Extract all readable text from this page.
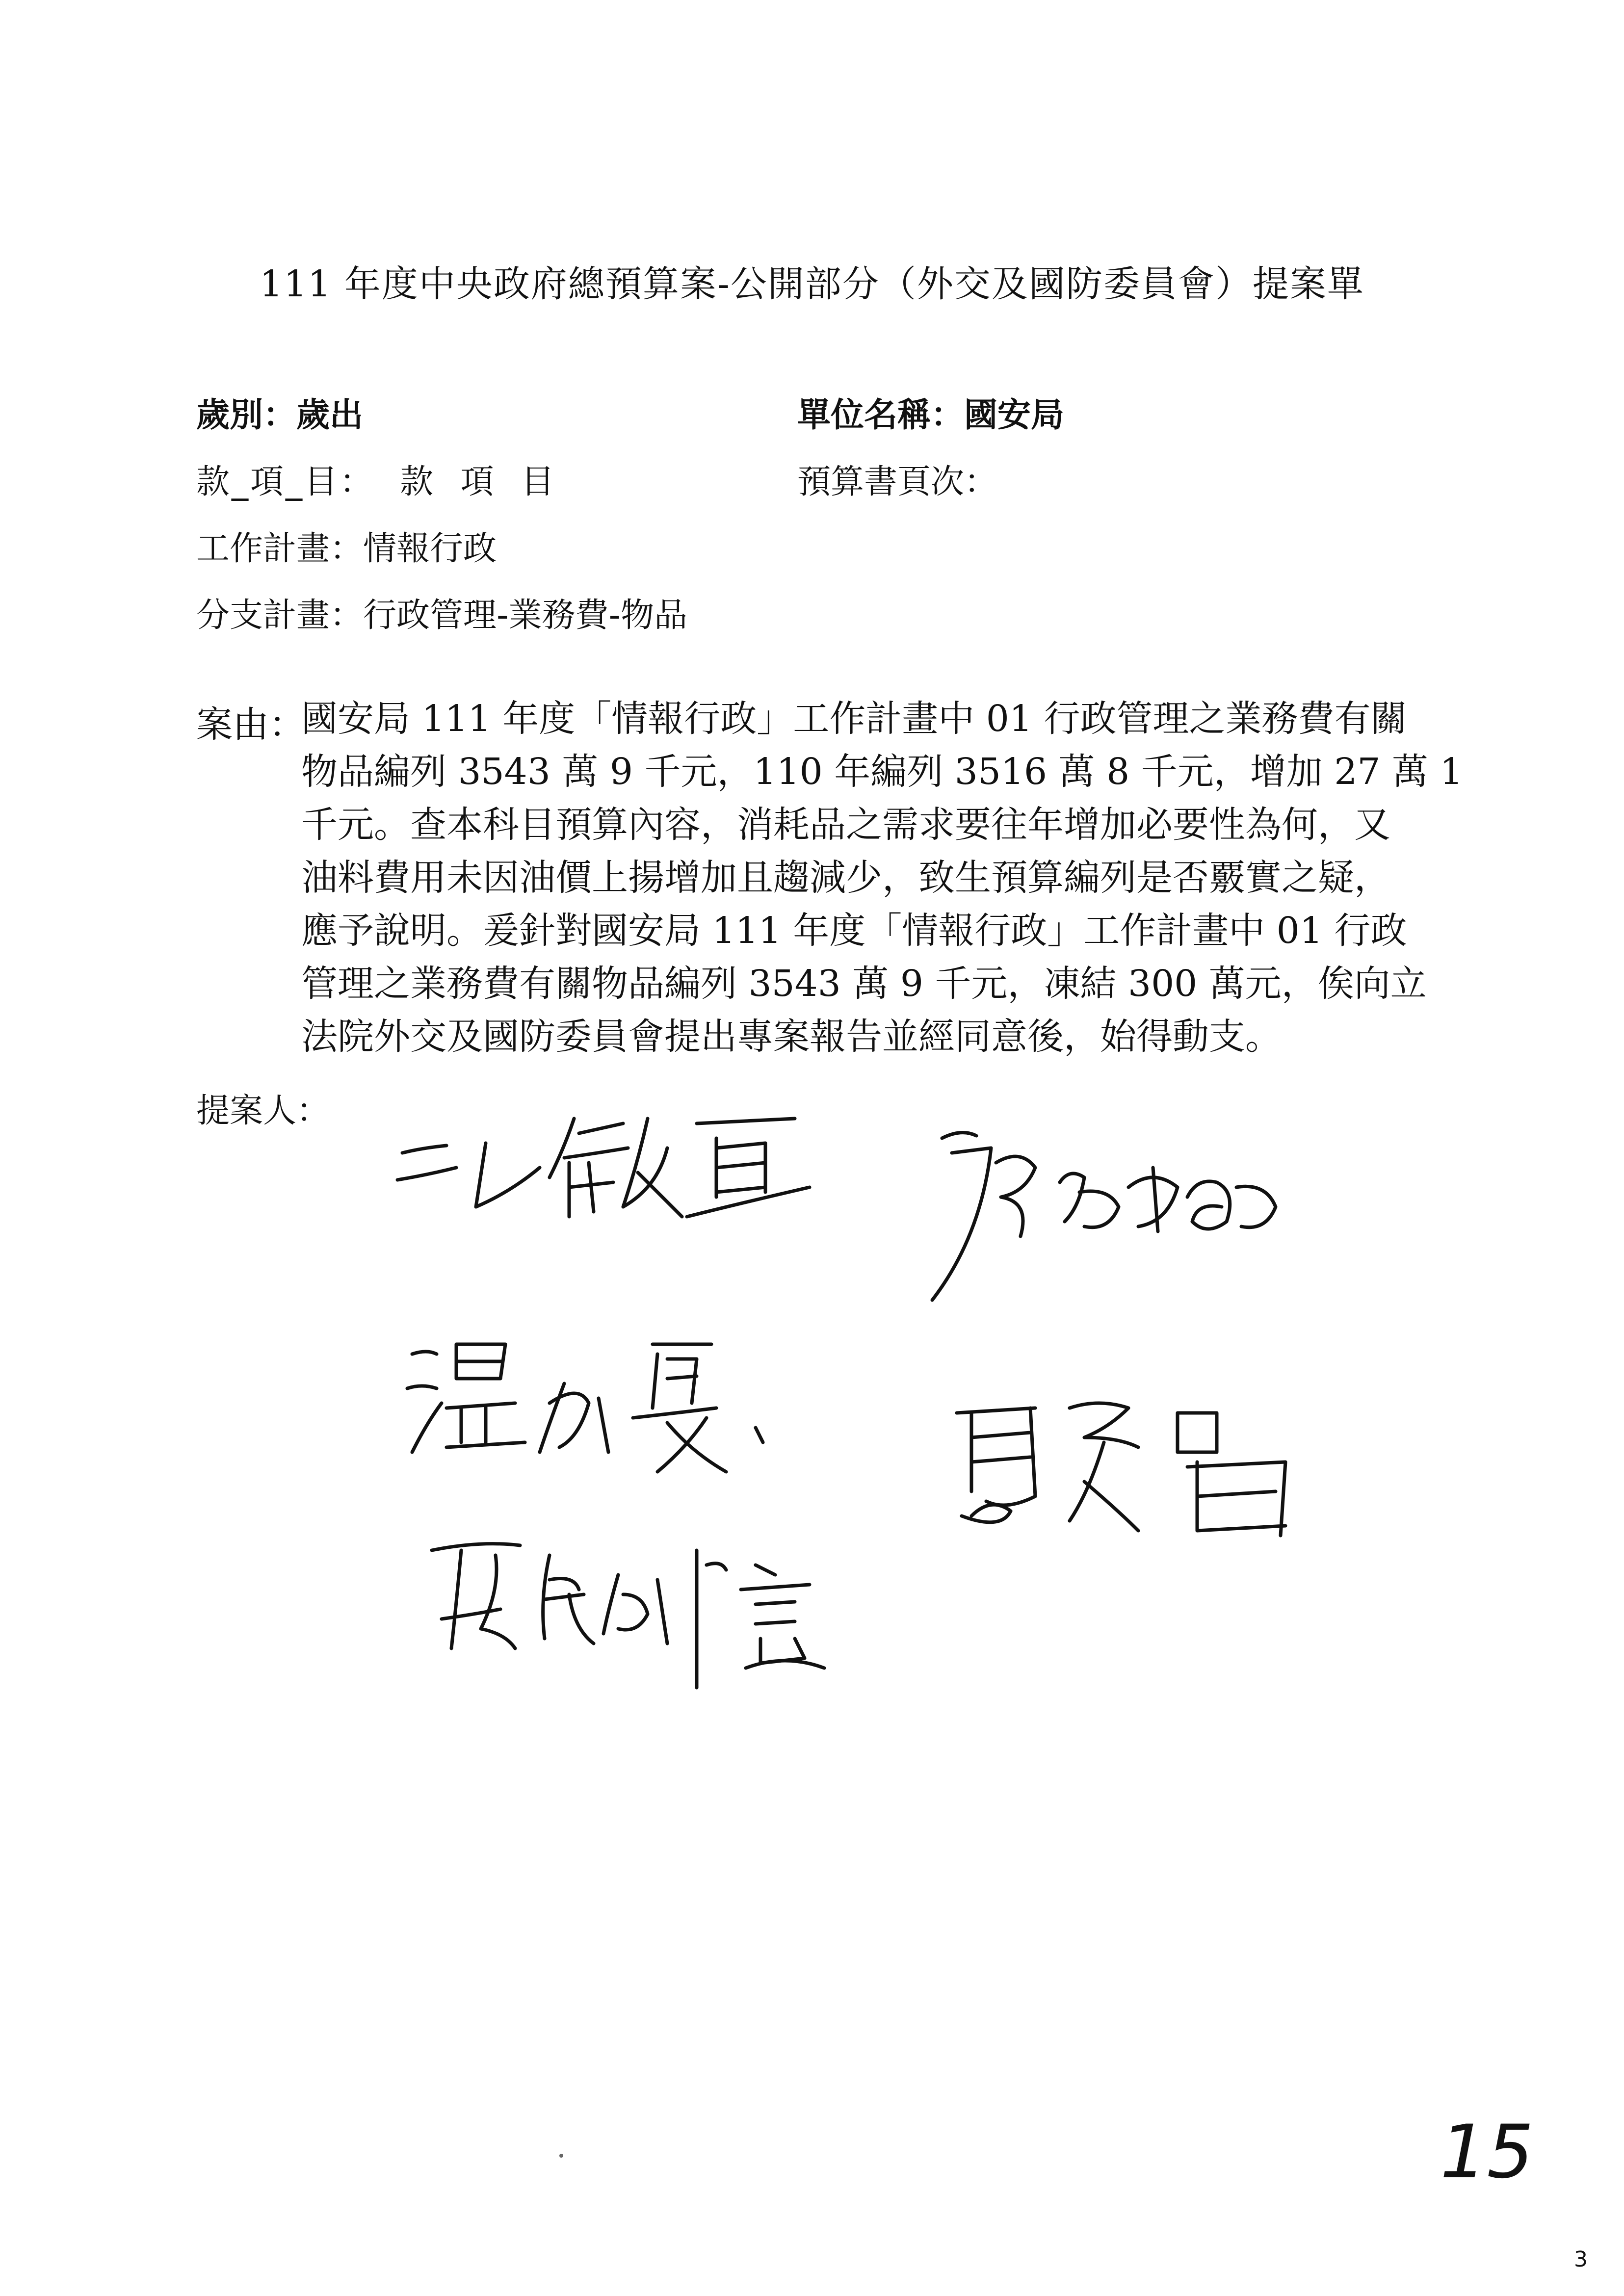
111 年度中央政府總預算案-公開部分（外交及國防委員會）提案單
歲別：歲出	單位名稱：國安局
款_項_目：  款  項  目	預算書頁次：
工作計畫：情報行政
分支計畫：行政管理-業務費-物品
案由：
國安局 111 年度「情報行政」工作計畫中 01 行政管理之業務費有關
物品編列 3543 萬 9 千元，110 年編列 3516 萬 8 千元，增加 27 萬 1
千元。查本科目預算內容，消耗品之需求要往年增加必要性為何，又
油料費用未因油價上揚增加且趨減少，致生預算編列是否覈實之疑，
應予說明。爰針對國安局 111 年度「情報行政」工作計畫中 01 行政
管理之業務費有關物品編列 3543 萬 9 千元，凍結 300 萬元，俟向立
法院外交及國防委員會提出專案報告並經同意後，始得動支。
提案人：
15
3
